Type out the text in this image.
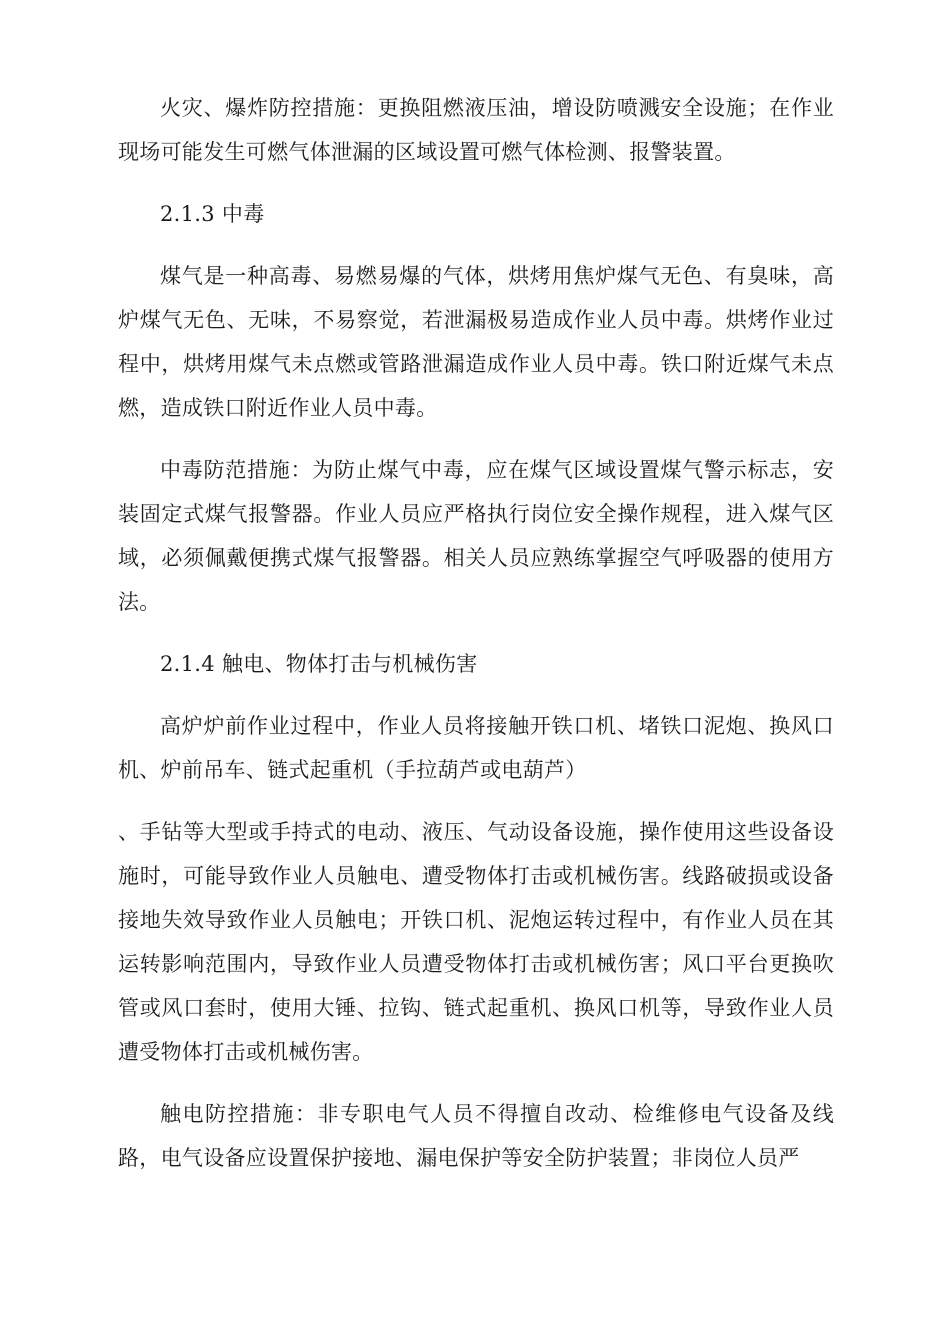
火灾、爆炸防控措施：更换阻燃液压油，增设防喷溅安全设施；在作业现场可能发生可燃气体泄漏的区域设置可燃气体检测、报警装置。

2.1.3 中毒

煤气是一种高毒、易燃易爆的气体，烘烤用焦炉煤气无色、有臭味，高炉煤气无色、无味，不易察觉，若泄漏极易造成作业人员中毒。烘烤作业过程中，烘烤用煤气未点燃或管路泄漏造成作业人员中毒。铁口附近煤气未点燃，造成铁口附近作业人员中毒。

中毒防范措施：为防止煤气中毒，应在煤气区域设置煤气警示标志，安装固定式煤气报警器。作业人员应严格执行岗位安全操作规程，进入煤气区域，必须佩戴便携式煤气报警器。相关人员应熟练掌握空气呼吸器的使用方法。

2.1.4 触电、物体打击与机械伤害

高炉炉前作业过程中，作业人员将接触开铁口机、堵铁口泥炮、换风口机、炉前吊车、链式起重机（手拉葫芦或电葫芦）

、手钻等大型或手持式的电动、液压、气动设备设施，操作使用这些设备设施时，可能导致作业人员触电、遭受物体打击或机械伤害。线路破损或设备接地失效导致作业人员触电；开铁口机、泥炮运转过程中，有作业人员在其运转影响范围内，导致作业人员遭受物体打击或机械伤害；风口平台更换吹管或风口套时，使用大锤、拉钩、链式起重机、换风口机等，导致作业人员遭受物体打击或机械伤害。

触电防控措施：非专职电气人员不得擅自改动、检维修电气设备及线路，电气设备应设置保护接地、漏电保护等安全防护装置；非岗位人员严
